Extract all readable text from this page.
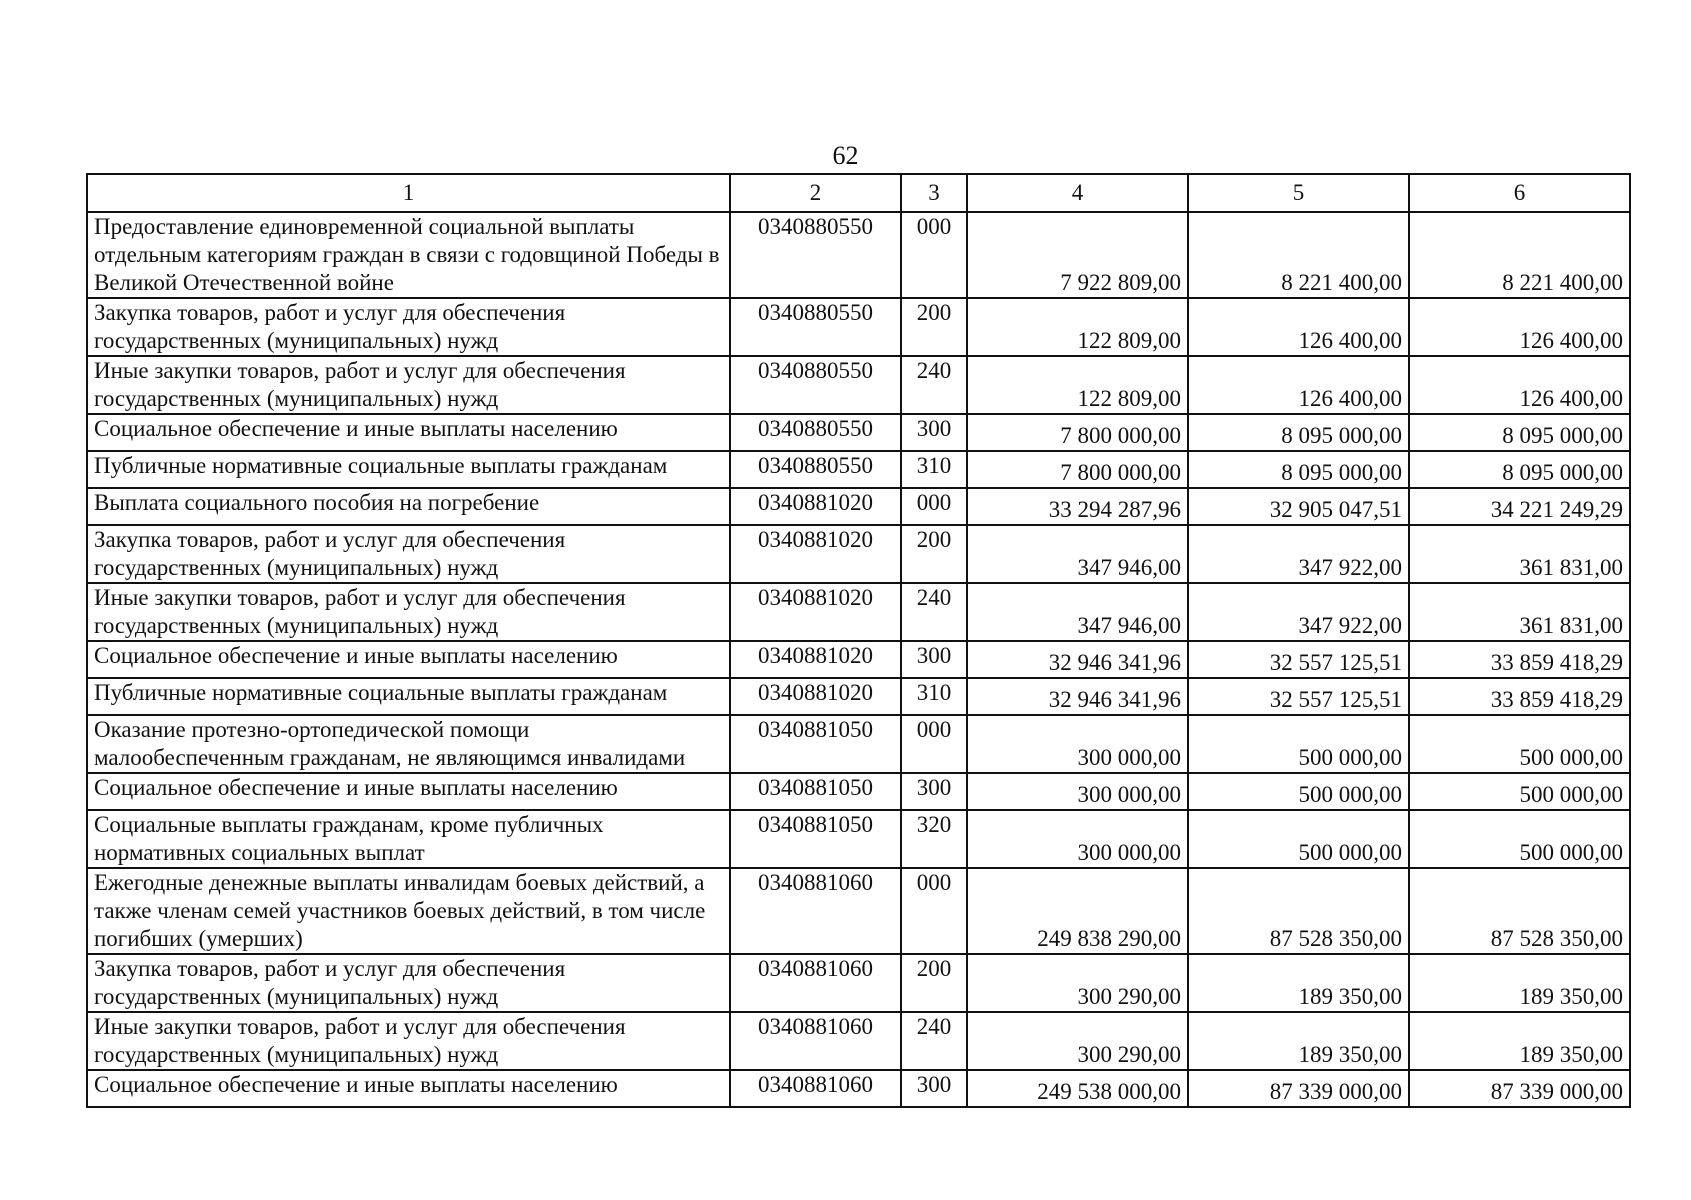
62
1	2	3	4	5	6
Предоставление единовременной социальной выплаты отдельным категориям граждан в связи с годовщиной Победы в Великой Отечественной войне	0340880550	000	7 922 809,00	8 221 400,00	8 221 400,00
Закупка товаров, работ и услуг для обеспечения государственных (муниципальных) нужд	0340880550	200	122 809,00	126 400,00	126 400,00
Иные закупки товаров, работ и услуг для обеспечения государственных (муниципальных) нужд	0340880550	240	122 809,00	126 400,00	126 400,00
Социальное обеспечение и иные выплаты населению	0340880550	300	7 800 000,00	8 095 000,00	8 095 000,00
Публичные нормативные социальные выплаты гражданам	0340880550	310	7 800 000,00	8 095 000,00	8 095 000,00
Выплата социального пособия на погребение	0340881020	000	33 294 287,96	32 905 047,51	34 221 249,29
Закупка товаров, работ и услуг для обеспечения государственных (муниципальных) нужд	0340881020	200	347 946,00	347 922,00	361 831,00
Иные закупки товаров, работ и услуг для обеспечения государственных (муниципальных) нужд	0340881020	240	347 946,00	347 922,00	361 831,00
Социальное обеспечение и иные выплаты населению	0340881020	300	32 946 341,96	32 557 125,51	33 859 418,29
Публичные нормативные социальные выплаты гражданам	0340881020	310	32 946 341,96	32 557 125,51	33 859 418,29
Оказание протезно-ортопедической помощи малообеспеченным гражданам, не являющимся инвалидами	0340881050	000	300 000,00	500 000,00	500 000,00
Социальное обеспечение и иные выплаты населению	0340881050	300	300 000,00	500 000,00	500 000,00
Социальные выплаты гражданам, кроме публичных нормативных социальных выплат	0340881050	320	300 000,00	500 000,00	500 000,00
Ежегодные денежные выплаты инвалидам боевых действий, а также членам семей участников боевых действий, в том числе погибших (умерших)	0340881060	000	249 838 290,00	87 528 350,00	87 528 350,00
Закупка товаров, работ и услуг для обеспечения государственных (муниципальных) нужд	0340881060	200	300 290,00	189 350,00	189 350,00
Иные закупки товаров, работ и услуг для обеспечения государственных (муниципальных) нужд	0340881060	240	300 290,00	189 350,00	189 350,00
Социальное обеспечение и иные выплаты населению	0340881060	300	249 538 000,00	87 339 000,00	87 339 000,00
